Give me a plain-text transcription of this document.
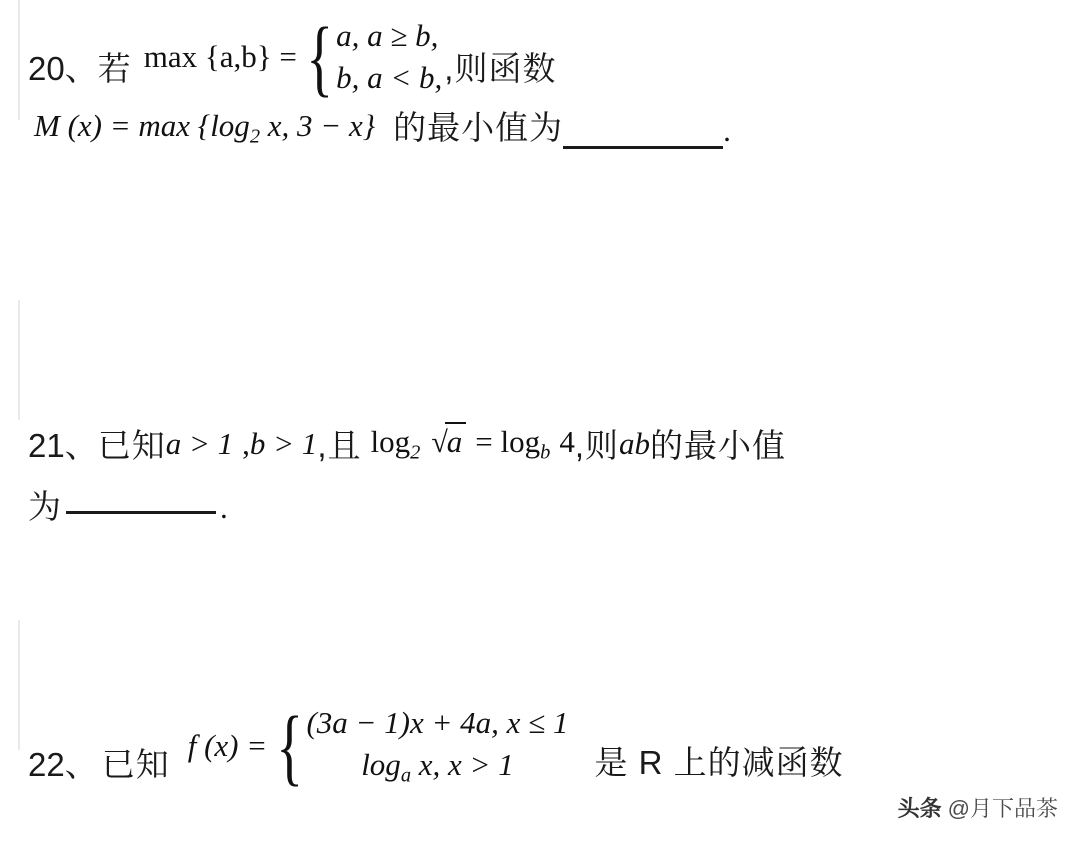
20、若 max {a,b} = { a, a ≥ b,
b, a < b, ,则函数
M $(x) = \max \{\log_2$ x, 3 − x} 的最小值为	.
21、 已知 a > 1 , b > 1 ,且 $\log_2 √a = \log_b 4$ ,则 ab 的最小值
为	.
22、 已知 f (x) = { (3a − 1)x + 4a, x ≤ 1
$\log_a x$, x > 1	是 R 上的减函数
头条 @月下品茶
